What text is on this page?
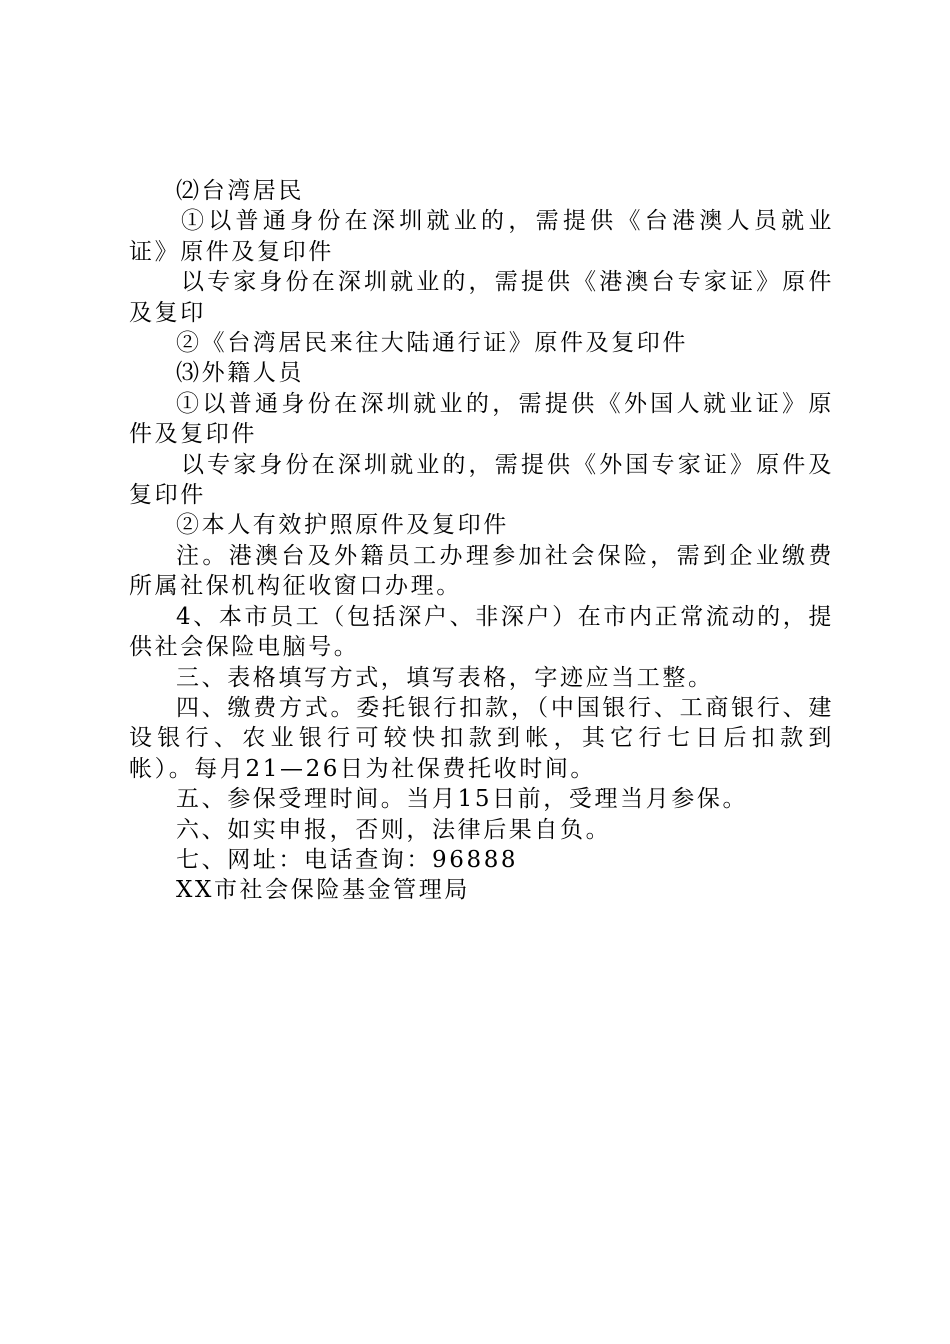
⑵台湾居民

①以普通身份在深圳就业的，需提供《台港澳人员就业证》原件及复印件

以专家身份在深圳就业的，需提供《港澳台专家证》原件及复印

②《台湾居民来往大陆通行证》原件及复印件

⑶外籍人员

①以普通身份在深圳就业的，需提供《外国人就业证》原件及复印件

以专家身份在深圳就业的，需提供《外国专家证》原件及复印件

②本人有效护照原件及复印件

注。港澳台及外籍员工办理参加社会保险，需到企业缴费所属社保机构征收窗口办理。

4、本市员工（包括深户、非深户）在市内正常流动的，提供社会保险电脑号。

三、表格填写方式，填写表格，字迹应当工整。

四、缴费方式。委托银行扣款，（中国银行、工商银行、建设银行、农业银行可较快扣款到帐，其它行七日后扣款到帐）。每月21—26日为社保费托收时间。

五、参保受理时间。当月15日前，受理当月参保。

六、如实申报，否则，法律后果自负。

七、网址：电话查询：96888

XX市社会保险基金管理局
